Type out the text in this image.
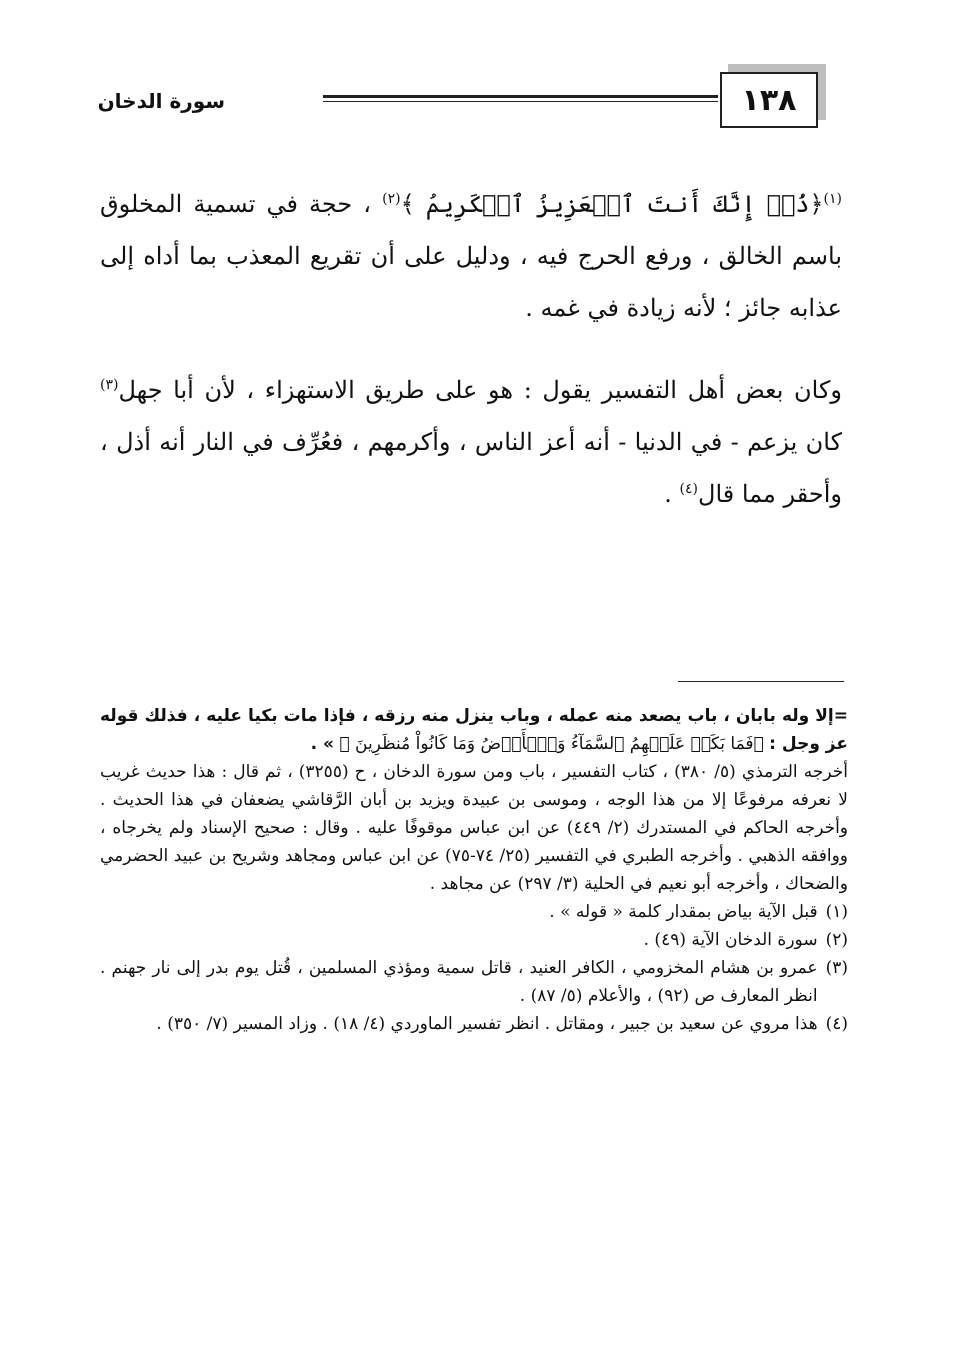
١٣٨
سورة الدخان

$^{(١)}$﴿ذُقۡ إِنَّكَ أَنتَ ٱلۡعَزِيزُ ٱلۡكَرِيمُ ﴾$^{(٢)}$ ، حجة في تسمية المخلوق باسم الخالق ، ورفع الحرج فيه ، ودليل على أن تقريع المعذب بما أداه إلى عذابه جائز ؛ لأنه زيادة في غمه .

وكان بعض أهل التفسير يقول : هو على طريق الاستهزاء ، لأن أبا جهل$^{(٣)}$ كان يزعم - في الدنيا - أنه أعز الناس ، وأكرمهم ، فعُرِّف في النار أنه أذل ، وأحقر مما قال$^{(٤)}$ .

=إلا وله بابان ، باب يصعد منه عمله ، وباب ينزل منه رزقه ، فإذا مات بكيا عليه ، فذلك قوله عز وجل : ﴿فَمَا بَكَتۡ عَلَيۡهِمُ ٱلسَّمَآءُ وَٱلۡأَرۡضُ وَمَا كَانُواْ مُنظَرِينَ ﴾ » .

أخرجه الترمذي (٥/ ٣٨٠) ، كتاب التفسير ، باب ومن سورة الدخان ، ح (٣٢٥٥) ، ثم قال : هذا حديث غريب لا نعرفه مرفوعًا إلا من هذا الوجه ، وموسى بن عبيدة ويزيد بن أبان الرَّقاشي يضعفان في هذا الحديث . وأخرجه الحاكم في المستدرك (٢/ ٤٤٩) عن ابن عباس موقوفًا عليه . وقال : صحيح الإسناد ولم يخرجاه ، ووافقه الذهبي . وأخرجه الطبري في التفسير (٢٥/ ٧٤-٧٥) عن ابن عباس ومجاهد وشريح بن عبيد الحضرمي والضحاك ، وأخرجه أبو نعيم في الحلية (٣/ ٢٩٧) عن مجاهد .

(١)
قبل الآية بياض بمقدار كلمة « قوله » .
(٢)
سورة الدخان الآية (٤٩) .
(٣)
عمرو بن هشام المخزومي ، الكافر العنيد ، قاتل سمية ومؤذي المسلمين ، قُتل يوم بدر إلى نار جهنم . انظر المعارف ص (٩٢) ، والأعلام (٥/ ٨٧) .
(٤)
هذا مروي عن سعيد بن جبير ، ومقاتل . انظر تفسير الماوردي (٤/ ١٨) . وزاد المسير (٧/ ٣٥٠) .
